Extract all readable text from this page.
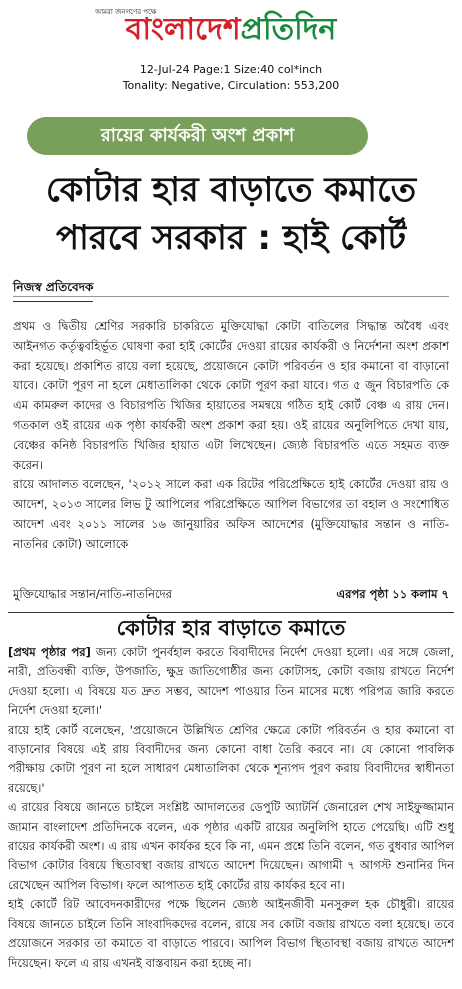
আমরা জনগণের পক্ষে
বাংলাদেশপ্রতিদিন
12-Jul-24 Page:1 Size:40 col*inch
Tonality: Negative, Circulation: 553,200
রায়ের কার্যকরী অংশ প্রকাশ
কোটার হার বাড়াতে কমাতে
পারবে সরকার : হাই কোর্ট
নিজস্ব প্রতিবেদক

প্রথম ও দ্বিতীয় শ্রেণির সরকারি চাকরিতে মুক্তিযোদ্ধা কোটা বাতিলের সিদ্ধান্ত অবৈধ এবং আইনগত কর্তৃত্ববহির্ভূত ঘোষণা করা হাই কোর্টের দেওয়া রায়ের কার্যকরী ও নির্দেশনা অংশ প্রকাশ করা হয়েছে। প্রকাশিত রায়ে বলা হয়েছে, প্রয়োজনে কোটা পরিবর্তন ও হার কমানো বা বাড়ানো যাবে। কোটা পূরণ না হলে মেধাতালিকা থেকে কোটা পূরণ করা যাবে। গত ৫ জুন বিচারপতি কে এম কামরুল কাদের ও বিচারপতি খিজির হায়াতের সমন্বয়ে গঠিত হাই কোর্ট বেঞ্চ এ রায় দেন। গতকাল ওই রায়ের এক পৃষ্ঠা কার্যকরী অংশ প্রকাশ করা হয়। ওই রায়ের অনুলিপিতে দেখা যায়, বেঞ্চের কনিষ্ঠ বিচারপতি খিজির হায়াত এটা লিখেছেন। জ্যেষ্ঠ বিচারপতি এতে সহমত ব্যক্ত করেন।

রায়ে আদালত বলেছেন, '২০১২ সালে করা এক রিটের পরিপ্রেক্ষিতে হাই কোর্টের দেওয়া রায় ও আদেশ, ২০১৩ সালের লিভ টু আপিলের পরিপ্রেক্ষিতে আপিল বিভাগের তা বহাল ও সংশোধিত আদেশ এবং ২০১১ সালের ১৬ জানুয়ারির অফিস আদেশের (মুক্তিযোদ্ধার সন্তান ও নাতি-নাতনির কোটা) আলোকে

মুক্তিযোদ্ধার সন্তান/নাতি-নাতনিদের	এরপর পৃষ্ঠা ১১ কলাম ৭
কোটার হার বাড়াতে কমাতে
[প্রথম পৃষ্ঠার পর] জন্য কোটা পুনর্বহাল করতে বিবাদীদের নির্দেশ দেওয়া হলো। এর সঙ্গে জেলা, নারী, প্রতিবন্ধী ব্যক্তি, উপজাতি, ক্ষুদ্র জাতিগোষ্ঠীর জন্য কোটাসহ, কোটা বজায় রাখতে নির্দেশ দেওয়া হলো। এ বিষয়ে যত দ্রুত সম্ভব, আদেশ পাওয়ার তিন মাসের মধ্যে পরিপত্র জারি করতে নির্দেশ দেওয়া হলো।'
রায়ে হাই কোর্ট বলেছেন, 'প্রয়োজনে উল্লিখিত শ্রেণির ক্ষেত্রে কোটা পরিবর্তন ও হার কমানো বা বাড়ানোর বিষয়ে এই রায় বিবাদীদের জন্য কোনো বাধা তৈরি করবে না। যে কোনো পাবলিক পরীক্ষায় কোটা পূরণ না হলে সাধারণ মেধাতালিকা থেকে শূন্যপদ পূরণ করায় বিবাদীদের স্বাধীনতা রয়েছে।'
এ রায়ের বিষয়ে জানতে চাইলে সংশ্লিষ্ট আদালতের ডেপুটি অ্যাটর্নি জেনারেল শেখ সাইফুজ্জামান জামান বাংলাদেশ প্রতিদিনকে বলেন, এক পৃষ্ঠার একটি রায়ের অনুলিপি হাতে পেয়েছি। এটি শুধু রায়ের কার্যকরী অংশ। এ রায় এখন কার্যকর হবে কি না, এমন প্রশ্নে তিনি বলেন, গত বুধবার আপিল বিভাগ কোটার বিষয়ে স্থিতাবস্থা বজায় রাখতে আদেশ দিয়েছেন। আগামী ৭ আগস্ট শুনানির দিন রেখেছেন আপিল বিভাগ। ফলে আপাতত হাই কোর্টের রায় কার্যকর হবে না।
হাই কোর্টে রিট আবেদনকারীদের পক্ষে ছিলেন জ্যেষ্ঠ আইনজীবী মনসুরুল হক চৌধুরী। রায়ের বিষয়ে জানতে চাইলে তিনি সাংবাদিকদের বলেন, রায়ে সব কোটা বজায় রাখতে বলা হয়েছে। তবে প্রয়োজনে সরকার তা কমাতে বা বাড়াতে পারবে। আপিল বিভাগ স্থিতাবস্থা বজায় রাখতে আদেশ দিয়েছেন। ফলে এ রায় এখনই বাস্তবায়ন করা হচ্ছে না।
